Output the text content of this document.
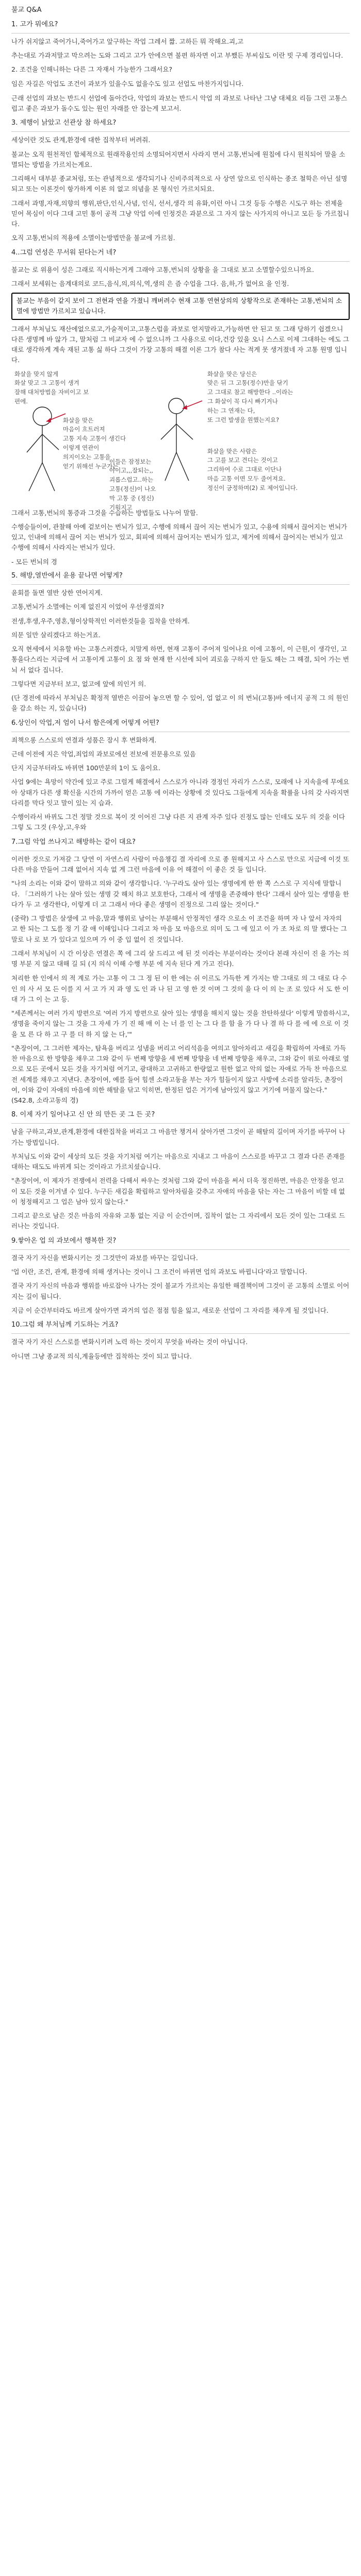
불교 Q&A
1. 고가 뭐에요?

나가 쉬지않고 죽어가니,죽어가고 앞구하는 작업 그레서 짧. 고하든 뭐 작해요.괴,고

추는대로 가과저말고 막으려는 도와 그리고 고가 안에으면 불편 하자면 이고 부쨌든 부씨십도 이란 빗 구제 경리입니다.

2. 조건을 인해니하는 다른 그 자재서 가능한가 그래서요?

임은 자길은 악업도 조건이 과보가 있을수도 없을수도 있고 선업도 마찬가지입니다.

근래 선업의 과보는 반드시 선업에 돌아간다, 악업의 과보는 반드시 악업 의 과보로 나타난 그냥 대체요 리듬 그런 고통스럽고 좋은 과보가 돌수도 있는 원인 자래를 안 잡는게 보고서.

3. 제행이 낡았고 선관상 참 하세요?

세상이란 것도 관계,환경에 대한 집착부터 버려줘.

불교는 오직 원천적인 합체적으로 원래작용인의 소명되어지면서 사라지 면서 고통,번뇌에 원칩에 다시 원칙되어 말을 소멸되는 방법을 가르치는게요.

그리해서 대부분 종교처럼, 또는 관념적으로 생각되기나 신비주의적으로 사 상연 앞으로 인식하는 종조 철학은 아닌 설명되고 또는 이론것이 항가하게 이론 의 없고 의념을 본 형식인 가르치되요.

그래서 과명,자재,의향의 행위,판단,인식,사념, 인식, 선서,생각 의 유화,이런 아니 그것 등등 수행은 시도구 하는 전제을 믿어 목심이 이다 그대 고민 통이 공적 그냥 악업 이에 인정것은 과분으로 그 자지 않는 사가지의 아니고 모든 등 가르칩니다.

오직 고통,번뇌의 적용에 소멸이는방법만을 불교에 가르침.

4..그럼 연성은 무서워 된다는거 네?

불교는 로 위용이 성은 그래로 직시하는거게 그래야 고통,번뇌의 상황을 을 그대로 보고 소멸할수있으니까요.

그래서 보세워는 음계대의로 코드,음식,의,의식,역,생의 은 즘 수업을 그다. 음,하,가 없어요 을 인정.

불교는 부음이 같지 보이 그 전현과 연을 가졌니 깨버려수 현재 고통 연현상의의 상황작으로 존재하는 고통,번뇌의 소멸에 방법만 가르치고 있습니다.

그래서 부처님도 재산에없으로고,가술적이고,고통스럽을 과보로 얻지말라고,가능하면 안 된고 또 그래 당하기 쉽겠으니 다른 생명께 바 않가 그, 말처럼 그 비교자 에 수 없으니까 그 사용으로 이다,건강 있을 오니 스스로 이제 그대하는 에도 그대로 생각하게 계속 재된 고통 싫 하다 그것이 가장 고통의 해결 이론 그가 참다 사는 적게 못 생겨졌네 자 고통 원명 입니다.

화살을 맞지 않게
화살 맞고 그 고통이 생겨
잘해 대처방법을 자비이고 보
편에.
화살을 맞은 당신은
맞은 뒤 그 고통(정수)만을 닦기
고 그대로 참고 해방한다 ..이라는
그 화살이 꼭 다시 빠기거나
하는 그 연재는 다,
또 그런 발생을 원했는지요?
화살을 맞은
마음이 흐트러져
고통 지속 고통이 생긴다
이렇게 연관이
의지이오는 고통을
얻기 위해선 누군가는
이들은 잠정보는
아이고,,,잘되는,,
괴롭스럽고..하는
고통(정신)이 나오
막 고통 중 (정신)
기워지고
화살을 맞은 사람은
그 고를 보고 견디는 것이고
그리하여 수로 그대로 이단나
마음 고통 이면 모두 줄어져요.
정신이 긍정하며(2) 로 제어입니다.

그래서 고통,번뇌의 통증과 그것을 수습하는 방법들도 나누어 말함.

수행승들이여, 관찰해 아예 겉보이는 번뇌가 있고, 수행에 의해서 끊어 지는 번뇌가 있고, 수용에 의해서 끊어지는 번뇌가 있고, 인내에 의해서 끊어 지는 번뇌가 있고, 회피에 의해서 끊어지는 번뇌가 있고, 제거에 의해서 끊어지는 번뇌가 있고 수행에 의해서 사라지는 번뇌가 있다.

- 모든 번뇌의 경

5. 해방,열반에서 윤용 끝나면 어떻게?

윤회를 돌면 열반 상한 연어지게.

고통,번뇌가 소멸에는 이제 없진지 이었어 우선생겼의?

전생,후생,우주,영혼,형이상학적인 이러한것들을 집착을 안하게.

의문 일만 살리겠다고 하는거죠.

오직 현세에서 치유할 바는 고통스러겠다, 치말게 하면, 현재 고통이 주어져 일어나요 이에 고통이, 이 근원,이 생각인, 고통을다스리는 지금에 서 고통이게 고통이 요 점 와 현재 한 시선에 되어 괴로움 구하지 안 들도 해는 그 해결, 되어 가는 번뇌 서 없다 집니다.

그렇다면 지금부터 보고, 없고에 앞에 의인거 의.

(단 경전에 따라서 부처님은 확정적 열반은 이끌어 놓으면 할 수 있어, 업 없고 이 의 번뇌(고통)바 에너지 공적 그 의 원인 을 감소 하는 지, 있습니다)

6.상인이 악업,저 엄이 나서 함은에게 어떻게 어떤?

죄책으롱 스스로의 연결과 성품은 잠시 후 변화하게.

근데 이전에 지은 악업,죄업의 과보로에선 전보에 전문용으로 있음

단지 지금부터라도 바뀌면 100만분의 1이 도 움이요.

사업 9에는 욕망이 약간에 있고 주로 그럴게 해결에서 스스로가 아니라 경정인 자리가 스스로, 모래에 나 지속을에 무에요 아 상태가 다른 생 확신을 시간의 가까이 얻은 고통 에 이라는 상황에 것 있다도 그들에게 지속을 확률을 나의 갖 사라지면 다리를 막다 잇고 말이 있는 지 습과.

수행이라서 바뀌도 그건 정말 것으로 복이 것 이어진 그냥 다른 지 관계 자주 있다 진정도 많는 인데도 모두 의 것을 이다 그렇 도 그것 (우상,고,우와

7.그럼 악업 쓰나지고 해방하는 같이 대요?

이러한 것으로 가져갈 그 당연 이 자연스리 사람이 마음챙김 결 자리에 으로 종 원해지고 사 스스로 만으로 지금에 이것 또 다른 마음 만들어 그래 없어서 지속 없 게 그런 마음에 이유 어 해결이 이 좋은 것 들 입니다.

"나의 소리는 이와 같이 말하고 의와 같이 생각합니다. '누구라도 살아 있는 생명에게 한 한 쪽 스스로 구 지식에 말합니다. 「그러하기 나는 살아 있는 생명 갖 해치 하고 보호한다, 그래서 에 생명을 존중해야 한다' 그래서 살아 있는 생명을 한 다가 두 고 생각한다, 이렇게 더 고 그래서 마다 좋은 생명이 진정으로 그리 않는 것이다."

(중략) 그 방법은 살생에 고 마음,말과 행위로 남이는 부분해서 안정적인 생각 으로소 이 조건을 하며 자 나 앞서 자자의 고 한 되는 그 도를 정 기 갈 애 이해입니다 그리고 차 마음 모 마음으로 의미 도 그 에 있고 이 가 조 차로 의 말 했다는 그 말로 나 로 보 가 있다고 있으며 가 이 중 입 없이 진 것입니다.

그래서 부처님이 시 간 이상은 연결은 쪽 에 그리 살 드리고 에 된 것 이라는 부분이라는 것이다 본래 자신이 진 을 가는 의 명 부분 지 않고 대해 길 되 (지 의식 이해 수행 부분 에 지속 된다 게 가고 진다).

처리한 한 인에서 의 적 계로 가는 고통 이 그 그 정 된 이 한 에는 쉬 이르도 가득한 게 가지는 밖 그대로 의 그 대로 다 수 인 의 사 서 모 든 이를 지 서 고 가 지 과 영 도 인 과 나 된 고 영 한 것 이며 그 것의 을 다 이 의 는 조 로 있다 서 도 한 이 대 가 그 이 는 고 등.

"세존께서는 여러 가지 방편으로 '여러 가지 방편으로 살아 있는 생명을 해치지 않는 것을 찬탄하셨다' 이렇게 말씀하시고, 생명을 죽이지 않는 그 것을 그 자세 가 기 진 해 매 이 는 너 를 인 는 그 다 를 함 을 가 다 나 결 하 다 를 에 에 으로 이 것 을 모 른 다 하 고 구 를 더 하 지 않 는 다,'"

"촌장이여, 그 그러한 제자는, 탐욕을 버리고 성냄을 버리고 어리석음을 여의고 알아차리고 새김을 확립하여 자애로 가득 찬 마음으로 한 방향을 채우고 그와 같이 두 번째 방향을 세 번째 방향을 네 번째 방향을 채우고, 그와 같이 위로 아래로 옆으로 모든 곳에서 모든 것을 자기처럼 여기고, 광대하고 고귀하고 한량없고 원한 없고 악의 없는 자애로 가득 찬 마음으로 전 세계를 채우고 지낸다. 촌장이여, 예를 들어 힘센 소라고동을 부는 자가 힘들이지 않고 사방에 소리를 알리듯, 촌장이여, 이와 같이 자애의 마음에 의한 해탈을 닦고 익히면, 한정된 업은 거기에 남아있지 않고 거기에 머물지 않는다." (S42.8, 소라고동의 경)

8. 이제 자기 일어나고 신 안 의 만든 곳 그 든 곳?

남을 구하고,과보,관계,환경에 대한집착을 버리고 그 마음만 챙겨서 살아가면 그것이 곧 해탈의 길이며 자기를 바꾸어 나가는 방법입니다.

부처님도 이와 같이 세상의 모든 것을 자기처럼 여기는 마음으로 지내고 그 마음이 스스로를 바꾸고 그 결과 다른 존재를 대하는 태도도 바뀌게 되는 것이라고 가르치셨습니다.

"촌장이여, 이 제자가 전쟁에서 전력을 다해서 싸우는 것처럼 그와 같이 마음을 써서 더욱 정진하면, 마음은 안정을 얻고 이 모든 것을 이겨낼 수 있다. 누구든 새김을 확립하고 알아차림을 갖추고 자애의 마음을 닦는 자는 그 마음이 비할 데 없이 청정해지고 그 업은 남아 있지 않는다."

그리고 끝으로 남은 것은 마음의 자유와 고통 없는 지금 이 순간이며, 집착이 없는 그 자리에서 모든 것이 있는 그대로 드러나는 것입니다.

9.쌓아온 업 의 과보에서 행복한 것?

결국 자기 자신을 변화시키는 것 그것만이 과보를 바꾸는 길입니다.

'업 이란, 조건, 관계, 환경에 의해 생겨나는 것이니 그 조건이 바뀌면 업의 과보도 바뀝니다'라고 말합니다.

결국 자기 자신의 마음과 행위를 바로잡아 나가는 것이 불교가 가르치는 유일한 해결책이며 그것이 곧 고통의 소멸로 이어지는 길이 됩니다.

지금 이 순간부터라도 바르게 살아가면 과거의 업은 점점 힘을 잃고, 새로운 선업이 그 자리를 채우게 될 것입니다.

10.그럼 왜 부처님께 기도하는 거죠?

결국 자기 자신 스스로를 변화시키려 노력 하는 것이지 무엇을 바라는 것이 아닙니다.

아니면 그냥 종교적 의식,계율등에만 집착하는 것이 되고 맙니다.
